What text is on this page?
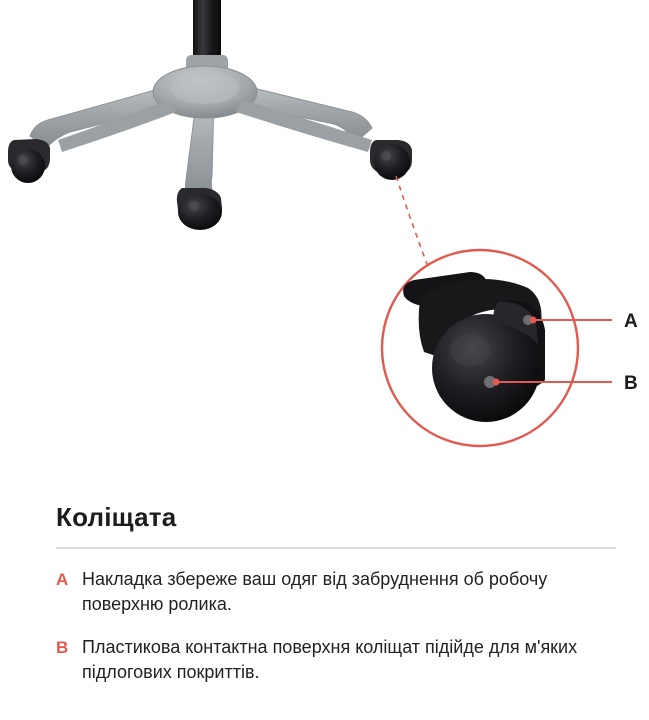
A
B
Коліщата
A Накладка збереже ваш одяг від забруднення об робочу поверхню ролика.
B Пластикова контактна поверхня коліщат підійде для м'яких підлогових покриттів.
